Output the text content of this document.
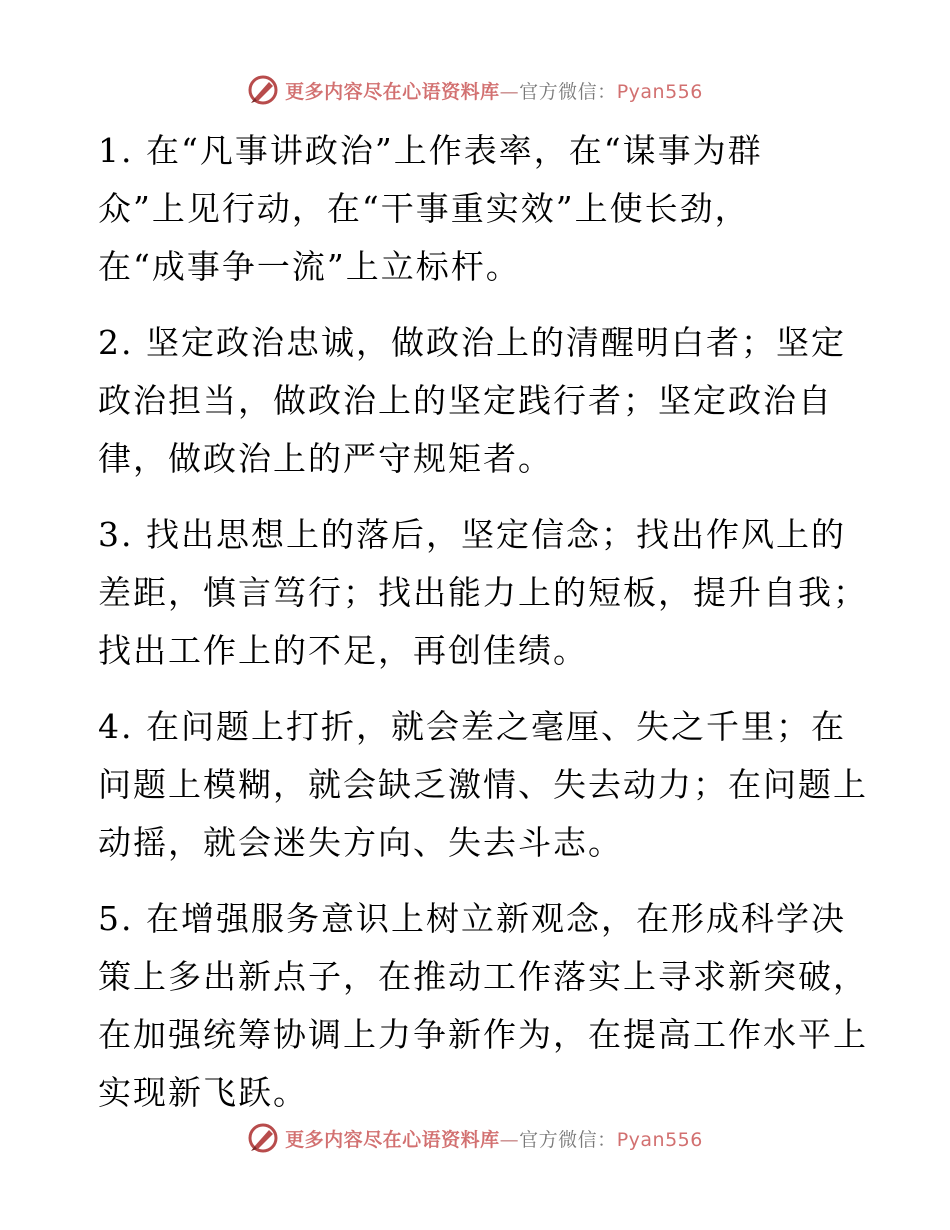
更多内容尽在心语资料库—官方微信：Pyan556

1. 在“凡事讲政治”上作表率，在“谋事为群
众”上见行动，在“干事重实效”上使长劲，
在“成事争一流”上立标杆。

2. 坚定政治忠诚，做政治上的清醒明白者；坚定
政治担当，做政治上的坚定践行者；坚定政治自
律，做政治上的严守规矩者。

3. 找出思想上的落后，坚定信念；找出作风上的
差距，慎言笃行；找出能力上的短板，提升自我；
找出工作上的不足，再创佳绩。

4. 在问题上打折，就会差之毫厘、失之千里；在
问题上模糊，就会缺乏激情、失去动力；在问题上
动摇，就会迷失方向、失去斗志。

5. 在增强服务意识上树立新观念，在形成科学决
策上多出新点子，在推动工作落实上寻求新突破，
在加强统筹协调上力争新作为，在提高工作水平上
实现新飞跃。

更多内容尽在心语资料库—官方微信：Pyan556
